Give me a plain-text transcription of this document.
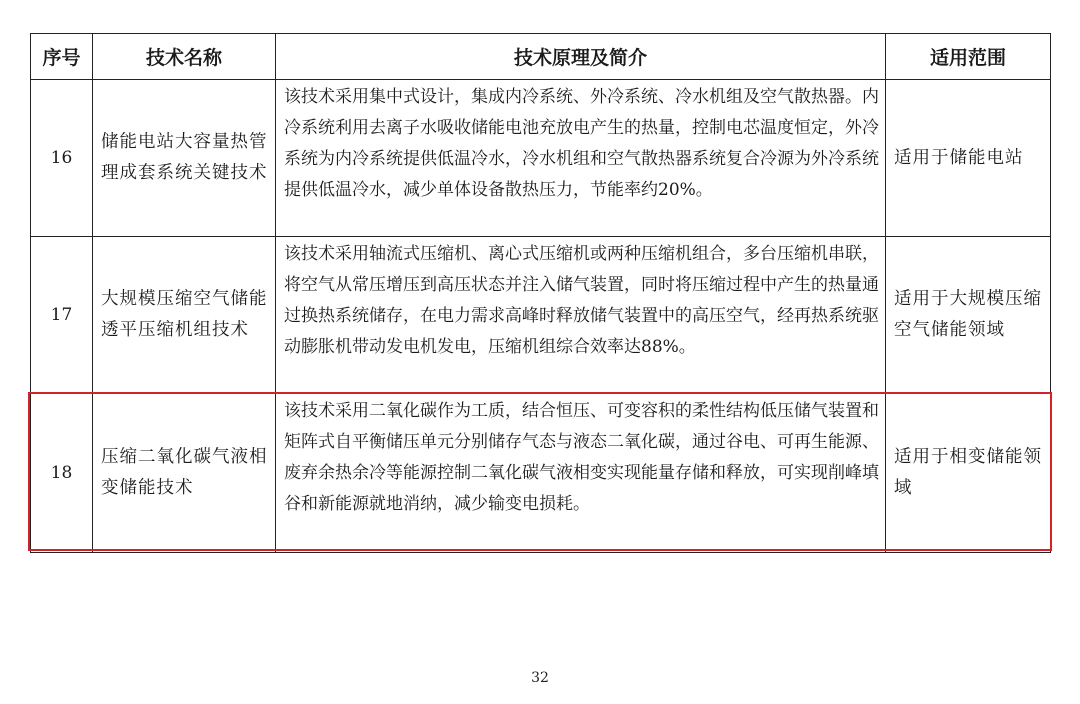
序号	技术名称	技术原理及简介	适用范围
16	储能电站大容量热管理成套系统关键技术	该技术采用集中式设计，集成内冷系统、外冷系统、冷水机组及空气散热器。内冷系统利用去离子水吸收储能电池充放电产生的热量，控制电芯温度恒定，外冷系统为内冷系统提供低温冷水，冷水机组和空气散热器系统复合冷源为外冷系统提供低温冷水，减少单体设备散热压力，节能率约20%。	适用于储能电站
17	大规模压缩空气储能透平压缩机组技术	该技术采用轴流式压缩机、离心式压缩机或两种压缩机组合，多台压缩机串联，将空气从常压增压到高压状态并注入储气装置，同时将压缩过程中产生的热量通过换热系统储存，在电力需求高峰时释放储气装置中的高压空气，经再热系统驱动膨胀机带动发电机发电，压缩机组综合效率达88%。	适用于大规模压缩空气储能领域
18	压缩二氧化碳气液相变储能技术	该技术采用二氧化碳作为工质，结合恒压、可变容积的柔性结构低压储气装置和矩阵式自平衡储压单元分别储存气态与液态二氧化碳，通过谷电、可再生能源、废弃余热余冷等能源控制二氧化碳气液相变实现能量存储和释放，可实现削峰填谷和新能源就地消纳，减少输变电损耗。	适用于相变储能领域
32
